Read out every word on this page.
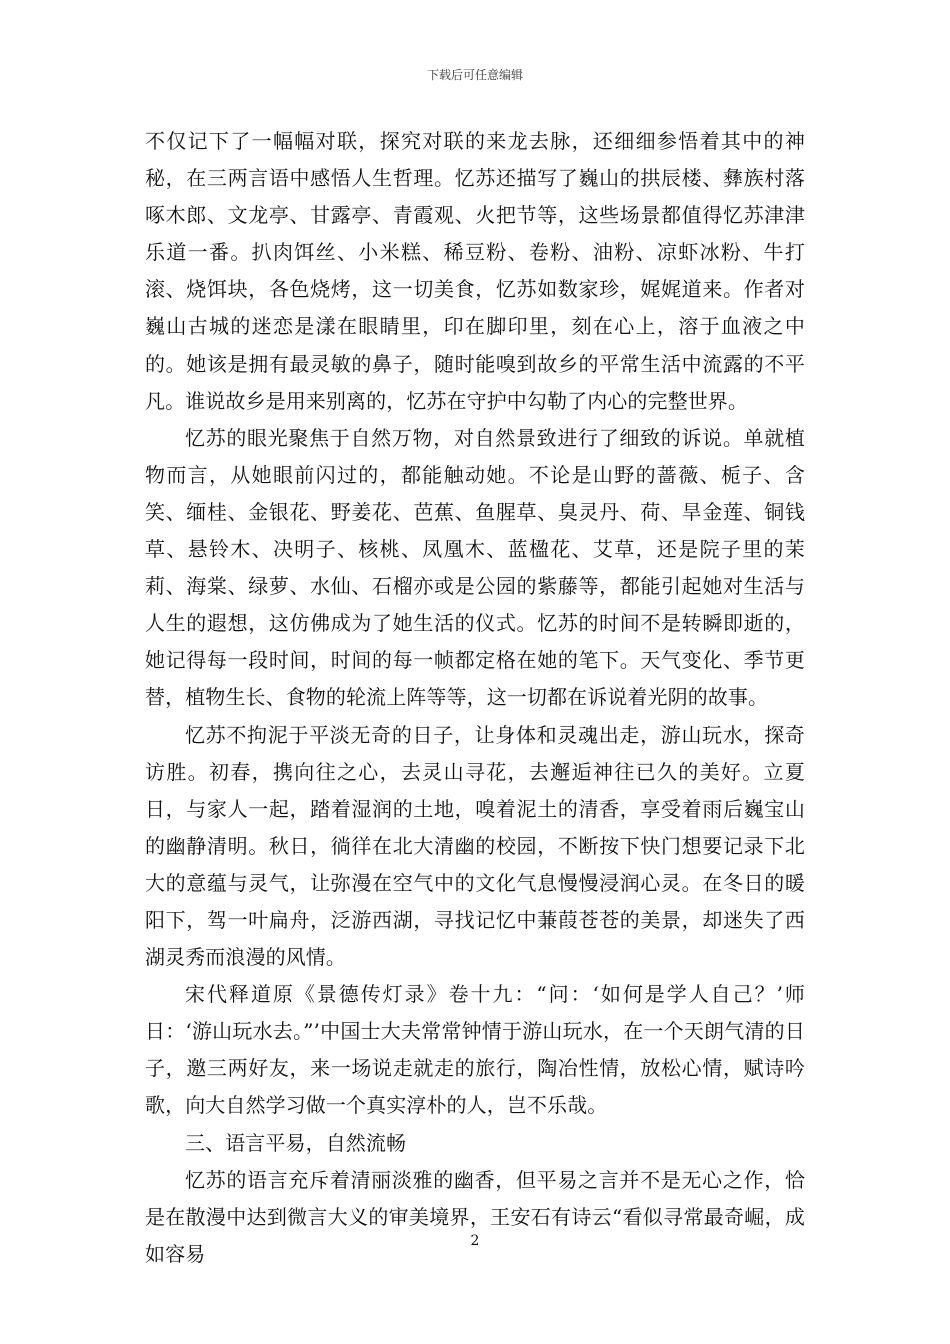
下载后可任意编辑

不仅记下了一幅幅对联，探究对联的来龙去脉，还细细参悟着其中的神秘，在三两言语中感悟人生哲理。忆苏还描写了巍山的拱辰楼、彝族村落啄木郎、文龙亭、甘露亭、青霞观、火把节等，这些场景都值得忆苏津津乐道一番。扒肉饵丝、小米糕、稀豆粉、卷粉、油粉、凉虾冰粉、牛打滚、烧饵块，各色烧烤，这一切美食，忆苏如数家珍，娓娓道来。作者对巍山古城的迷恋是漾在眼睛里，印在脚印里，刻在心上，溶于血液之中的。她该是拥有最灵敏的鼻子，随时能嗅到故乡的平常生活中流露的不平凡。谁说故乡是用来别离的，忆苏在守护中勾勒了内心的完整世界。

忆苏的眼光聚焦于自然万物，对自然景致进行了细致的诉说。单就植物而言，从她眼前闪过的，都能触动她。不论是山野的蔷薇、栀子、含笑、缅桂、金银花、野姜花、芭蕉、鱼腥草、臭灵丹、荷、旱金莲、铜钱草、悬铃木、决明子、核桃、凤凰木、蓝楹花、艾草，还是院子里的茉莉、海棠、绿萝、水仙、石榴亦或是公园的紫藤等，都能引起她对生活与人生的遐想，这仿佛成为了她生活的仪式。忆苏的时间不是转瞬即逝的，她记得每一段时间，时间的每一帧都定格在她的笔下。天气变化、季节更替，植物生长、食物的轮流上阵等等，这一切都在诉说着光阴的故事。

忆苏不拘泥于平淡无奇的日子，让身体和灵魂出走，游山玩水，探奇访胜。初春，携向往之心，去灵山寻花，去邂逅神往已久的美好。立夏日，与家人一起，踏着湿润的土地，嗅着泥土的清香，享受着雨后巍宝山的幽静清明。秋日，徜徉在北大清幽的校园，不断按下快门想要记录下北大的意蕴与灵气，让弥漫在空气中的文化气息慢慢浸润心灵。在冬日的暖阳下，驾一叶扁舟，泛游西湖，寻找记忆中蒹葭苍苍的美景，却迷失了西湖灵秀而浪漫的风情。

宋代释道原《景德传灯录》卷十九：“问：‘如何是学人自己？’师日：‘游山玩水去。”’中国士大夫常常钟情于游山玩水，在一个天朗气清的日子，邀三两好友，来一场说走就走的旅行，陶冶性情，放松心情，赋诗吟歌，向大自然学习做一个真实淳朴的人，岂不乐哉。

三、语言平易，自然流畅

忆苏的语言充斥着清丽淡雅的幽香，但平易之言并不是无心之作，恰是在散漫中达到微言大义的审美境界，王安石有诗云“看似寻常最奇崛，成如容易

2
